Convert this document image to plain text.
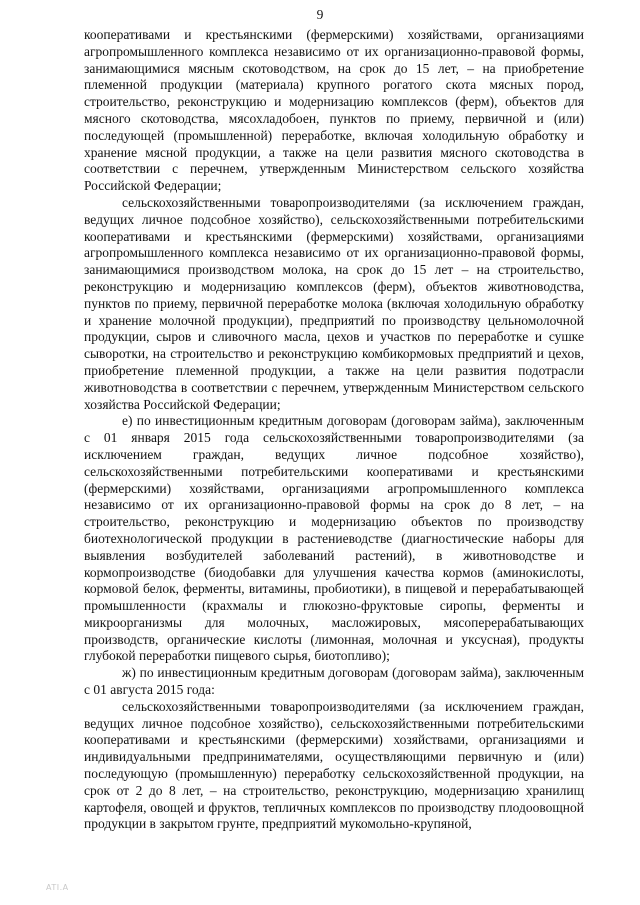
9

кооперативами и крестьянскими (фермерскими) хозяйствами, организациями агропромышленного комплекса независимо от их организационно-правовой формы, занимающимися мясным скотоводством, на срок до 15 лет, – на приобретение племенной продукции (материала) крупного рогатого скота мясных пород, строительство, реконструкцию и модернизацию комплексов (ферм), объектов для мясного скотоводства, мясохладобоен, пунктов по приему, первичной и (или) последующей (промышленной) переработке, включая холодильную обработку и хранение мясной продукции, а также на цели развития мясного скотоводства в соответствии с перечнем, утвержденным Министерством сельского хозяйства Российской Федерации;

сельскохозяйственными товаропроизводителями (за исключением граждан, ведущих личное подсобное хозяйство), сельскохозяйственными потребительскими кооперативами и крестьянскими (фермерскими) хозяйствами, организациями агропромышленного комплекса независимо от их организационно-правовой формы, занимающимися производством молока, на срок до 15 лет – на строительство, реконструкцию и модернизацию комплексов (ферм), объектов животноводства, пунктов по приему, первичной переработке молока (включая холодильную обработку и хранение молочной продукции), предприятий по производству цельномолочной продукции, сыров и сливочного масла, цехов и участков по переработке и сушке сыворотки, на строительство и реконструкцию комбикормовых предприятий и цехов, приобретение племенной продукции, а также на цели развития подотрасли животноводства в соответствии с перечнем, утвержденным Министерством сельского хозяйства Российской Федерации;

е) по инвестиционным кредитным договорам (договорам займа), заключенным с 01 января 2015 года сельскохозяйственными товаропроизводителями (за исключением граждан, ведущих личное подсобное хозяйство), сельскохозяйственными потребительскими кооперативами и крестьянскими (фермерскими) хозяйствами, организациями агропромышленного комплекса независимо от их организационно-правовой формы на срок до 8 лет, – на строительство, реконструкцию и модернизацию объектов по производству биотехнологической продукции в растениеводстве (диагностические наборы для выявления возбудителей заболеваний растений), в животноводстве и кормопроизводстве (биодобавки для улучшения качества кормов (аминокислоты, кормовой белок, ферменты, витамины, пробиотики), в пищевой и перерабатывающей промышленности (крахмалы и глюкозно-фруктовые сиропы, ферменты и микроорганизмы для молочных, масложировых, мясоперерабатывающих производств, органические кислоты (лимонная, молочная и уксусная), продукты глубокой переработки пищевого сырья, биотопливо);

ж) по инвестиционным кредитным договорам (договорам займа), заключенным с 01 августа 2015 года:

сельскохозяйственными товаропроизводителями (за исключением граждан, ведущих личное подсобное хозяйство), сельскохозяйственными потребительскими кооперативами и крестьянскими (фермерскими) хозяйствами, организациями и индивидуальными предпринимателями, осуществляющими первичную и (или) последующую (промышленную) переработку сельскохозяйственной продукции, на срок от 2 до 8 лет, – на строительство, реконструкцию, модернизацию хранилищ картофеля, овощей и фруктов, тепличных комплексов по производству плодоовощной продукции в закрытом грунте, предприятий мукомольно-крупяной,

ATI.A
